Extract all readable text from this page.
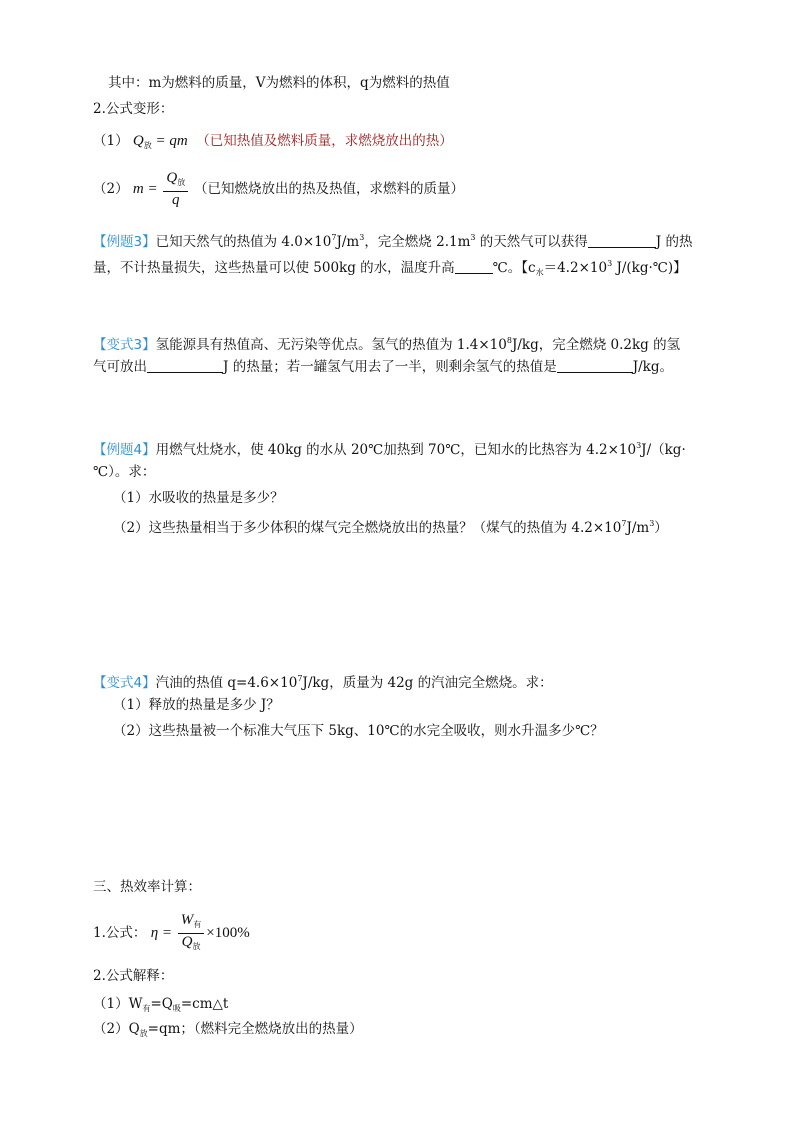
其中：m为燃料的质量，V为燃料的体积，q为燃料的热值
2.公式变形：
（1） $Q_放$ = qm （已知热值及燃料质量，求燃烧放出的热）
（2） $m = \frac{Q_放}{q}$ （已知燃烧放出的热及热值，求燃料的质量）
【例题3】已知天然气的热值为 $4.0\times 10^7J/m^3$，完全燃烧 $2.1m^3$ 的天然气可以获得	J 的热
量，不计热量损失，这些热量可以使 500kg 的水，温度升高	℃。【$c_水=4.2\times 10^3$ J/(kg·℃)】
【变式3】氢能源具有热值高、无污染等优点。氢气的热值为 $1.4\times 10^8J/kg$，完全燃烧 0.2kg 的氢
气可放出	J 的热量；若一罐氢气用去了一半，则剩余氢气的热值是	J/kg。
【例题4】用燃气灶烧水，使 40kg 的水从 20℃加热到 70℃，已知水的比热容为 $4.2\times 10^3J/(kg\cdot$
℃）。求：
（1）水吸收的热量是多少？
（2）这些热量相当于多少体积的煤气完全燃烧放出的热量？（煤气的热值为 $4.2\times 10^7J/m^3$）
【变式4】汽油的热值 $q=4.6\times 10^7J/kg$，质量为 42g 的汽油完全燃烧。求：
（1）释放的热量是多少 J？
（2）这些热量被一个标准大气压下 5kg、10℃的水完全吸收，则水升温多少℃？
三、热效率计算：
1.公式： $\eta = \frac{W_有}{Q_放} \times 100\%$
2.公式解释：
$(1)W_有=Q_吸=cm\triangle t$
$(2)Q_放=qm$；（燃料完全燃烧放出的热量）
